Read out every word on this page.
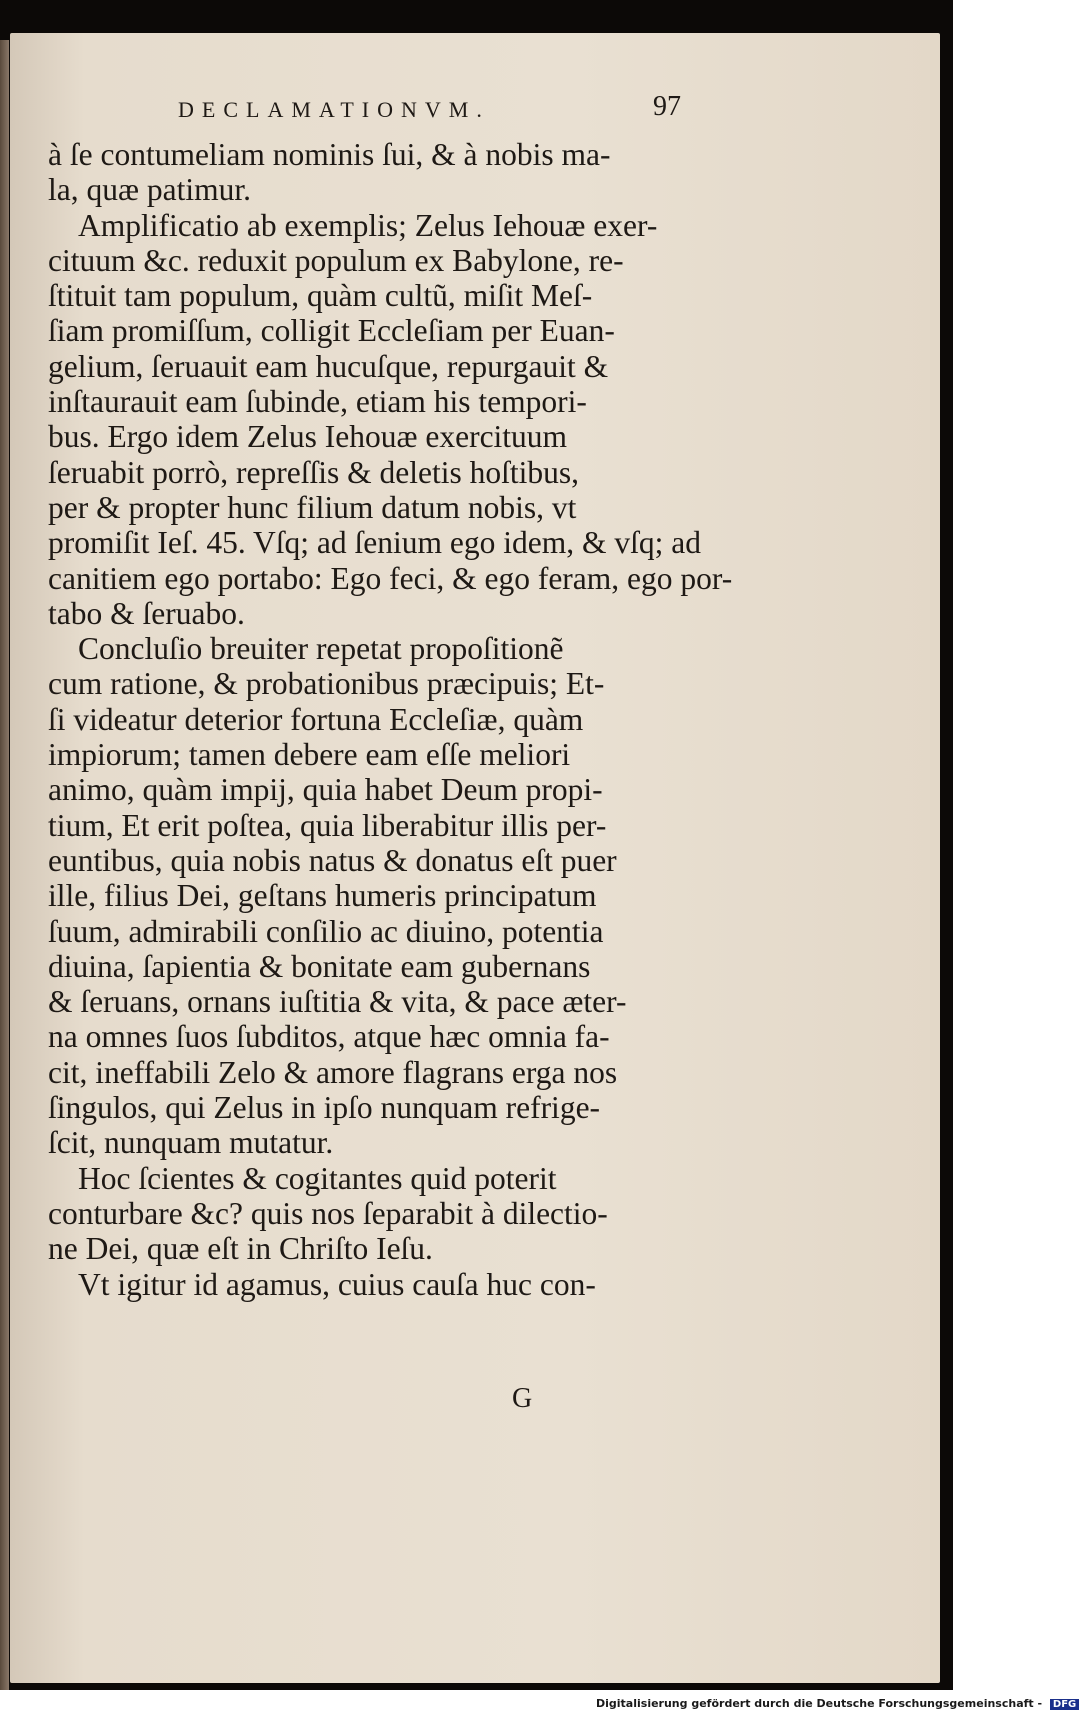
DECLAMATIONVM.	97
à ſe contumeliam nominis ſui, & à nobis ma-
la, quæ patimur.
Amplificatio ab exemplis; Zelus Iehouæ exer-
cituum &c. reduxit populum ex Babylone, re-
ſtituit tam populum, quàm cultũ, miſit Meſ-
ſiam promiſſum, colligit Eccleſiam per Euan-
gelium, ſeruauit eam hucuſque, repurgauit &
inſtaurauit eam ſubinde, etiam his tempori-
bus. Ergo idem Zelus Iehouæ exercituum
ſeruabit porrò, repreſſis & deletis hoſtibus,
per & propter hunc filium datum nobis, vt
promiſit Ieſ. 45. Vſq; ad ſenium ego idem, & vſq; ad
canitiem ego portabo: Ego feci, & ego feram, ego por-
tabo & ſeruabo.
Concluſio breuiter repetat propoſitionẽ
cum ratione, & probationibus præcipuis; Et-
ſi videatur deterior fortuna Eccleſiæ, quàm
impiorum; tamen debere eam eſſe meliori
animo, quàm impij, quia habet Deum propi-
tium, Et erit poſtea, quia liberabitur illis per-
euntibus, quia nobis natus & donatus eſt puer
ille, filius Dei, geſtans humeris principatum
ſuum, admirabili conſilio ac diuino, potentia
diuina, ſapientia & bonitate eam gubernans
& ſeruans, ornans iuſtitia & vita, & pace æter-
na omnes ſuos ſubditos, atque hæc omnia fa-
cit, ineffabili Zelo & amore flagrans erga nos
ſingulos, qui Zelus in ipſo nunquam refrige-
ſcit, nunquam mutatur.
Hoc ſcientes & cogitantes quid poterit
conturbare &c? quis nos ſeparabit à dilectio-
ne Dei, quæ eſt in Chriſto Ieſu.
Vt igitur id agamus, cuius cauſa huc con-
G
Digitalisierung gefördert durch die Deutsche Forschungsgemeinschaft - DFG
